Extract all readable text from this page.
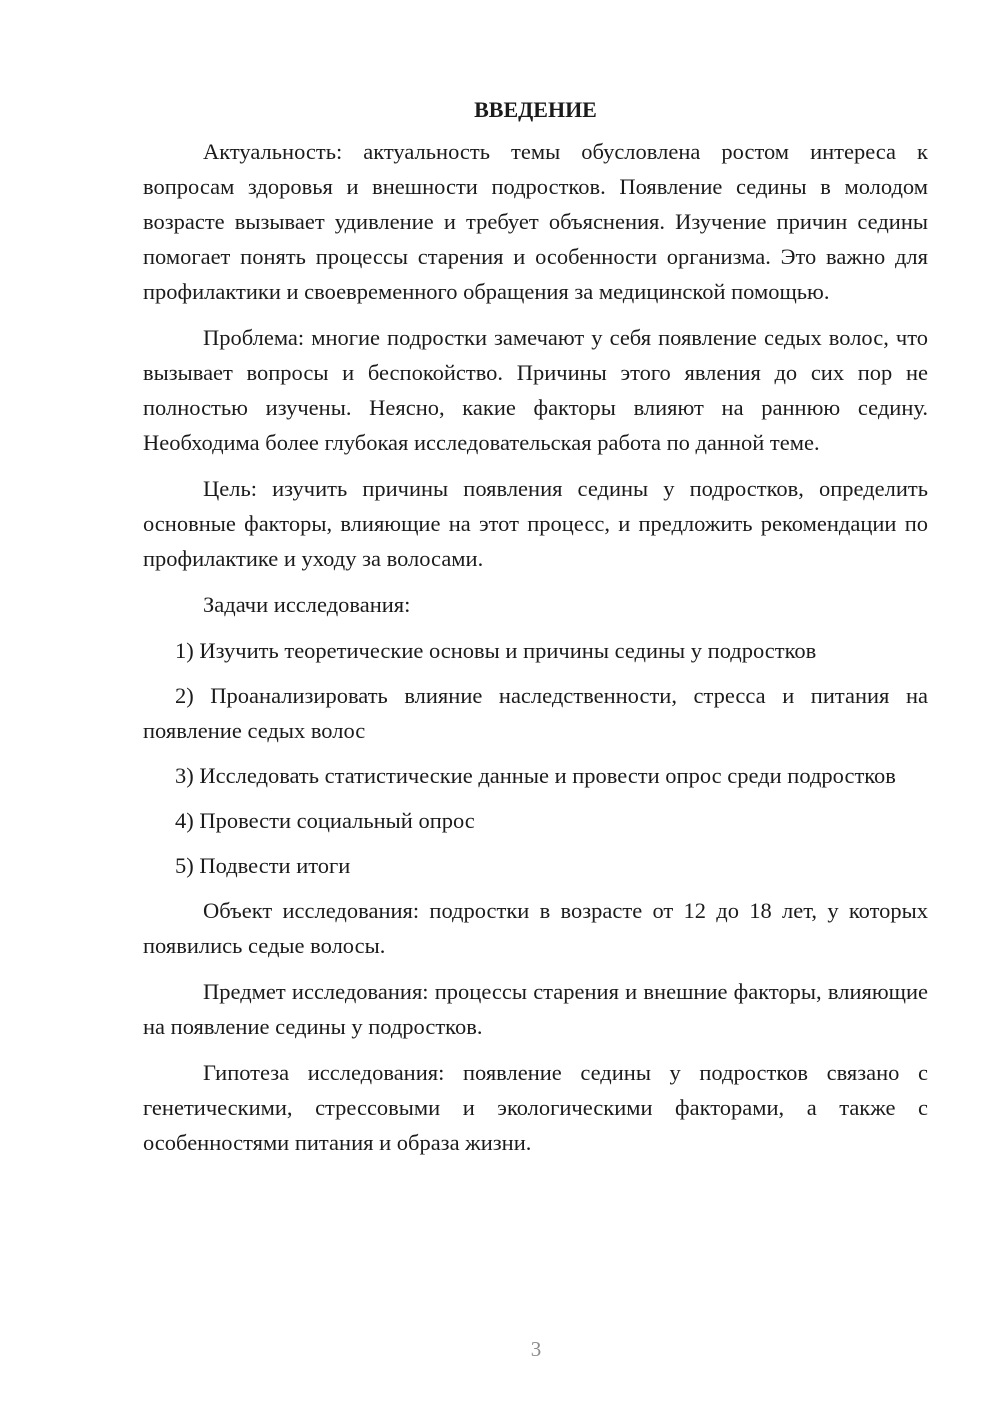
ВВЕДЕНИЕ

Актуальность: актуальность темы обусловлена ростом интереса к вопросам здоровья и внешности подростков. Появление седины в молодом возрасте вызывает удивление и требует объяснения. Изучение причин седины помогает понять процессы старения и особенности организма. Это важно для профилактики и своевременного обращения за медицинской помощью.

Проблема: многие подростки замечают у себя появление седых волос, что вызывает вопросы и беспокойство. Причины этого явления до сих пор не полностью изучены. Неясно, какие факторы влияют на раннюю седину. Необходима более глубокая исследовательская работа по данной теме.

Цель: изучить причины появления седины у подростков, определить основные факторы, влияющие на этот процесс, и предложить рекомендации по профилактике и уходу за волосами.

Задачи исследования:

1) Изучить теоретические основы и причины седины у подростков

2) Проанализировать влияние наследственности, стресса и питания на появление седых волос

3) Исследовать статистические данные и провести опрос среди подростков

4) Провести социальный опрос

5) Подвести итоги

Объект исследования: подростки в возрасте от 12 до 18 лет, у которых появились седые волосы.

Предмет исследования: процессы старения и внешние факторы, влияющие на появление седины у подростков.

Гипотеза исследования: появление седины у подростков связано с генетическими, стрессовыми и экологическими факторами, а также с особенностями питания и образа жизни.

3
